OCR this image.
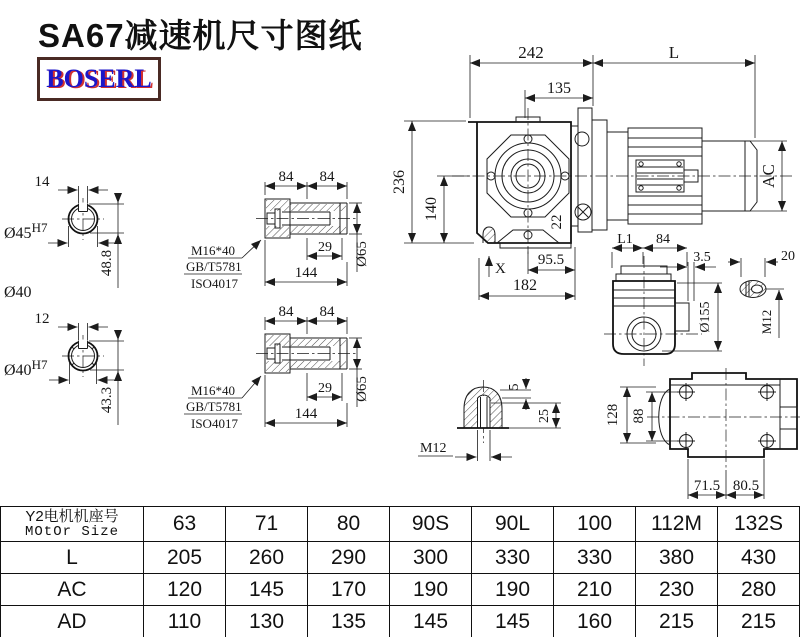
SA67减速机尺寸图纸
BOSERL
242	L
135
236
140
22
95.5
182
X
AC
L1 84
3.5
Ø155
20
M12
128 88
71.5 80.5
14
$Ø45^{H7}$
48.8
Ø40
12
$Ø40^{H7}$
43.3
M16*40
GB/T5781
ISO4017
84 84
29
144
Ø65
M16*40
GB/T5781
ISO4017
84 84
29
144
Ø65
M12
5
25
Y2电机机座号
MOtOr Size	63	71	80	90S	90L	100	112M	132S
L	205	260	290	300	330	330	380	430
AC	120	145	170	190	190	210	230	280
AD	110	130	135	145	145	160	215	215
